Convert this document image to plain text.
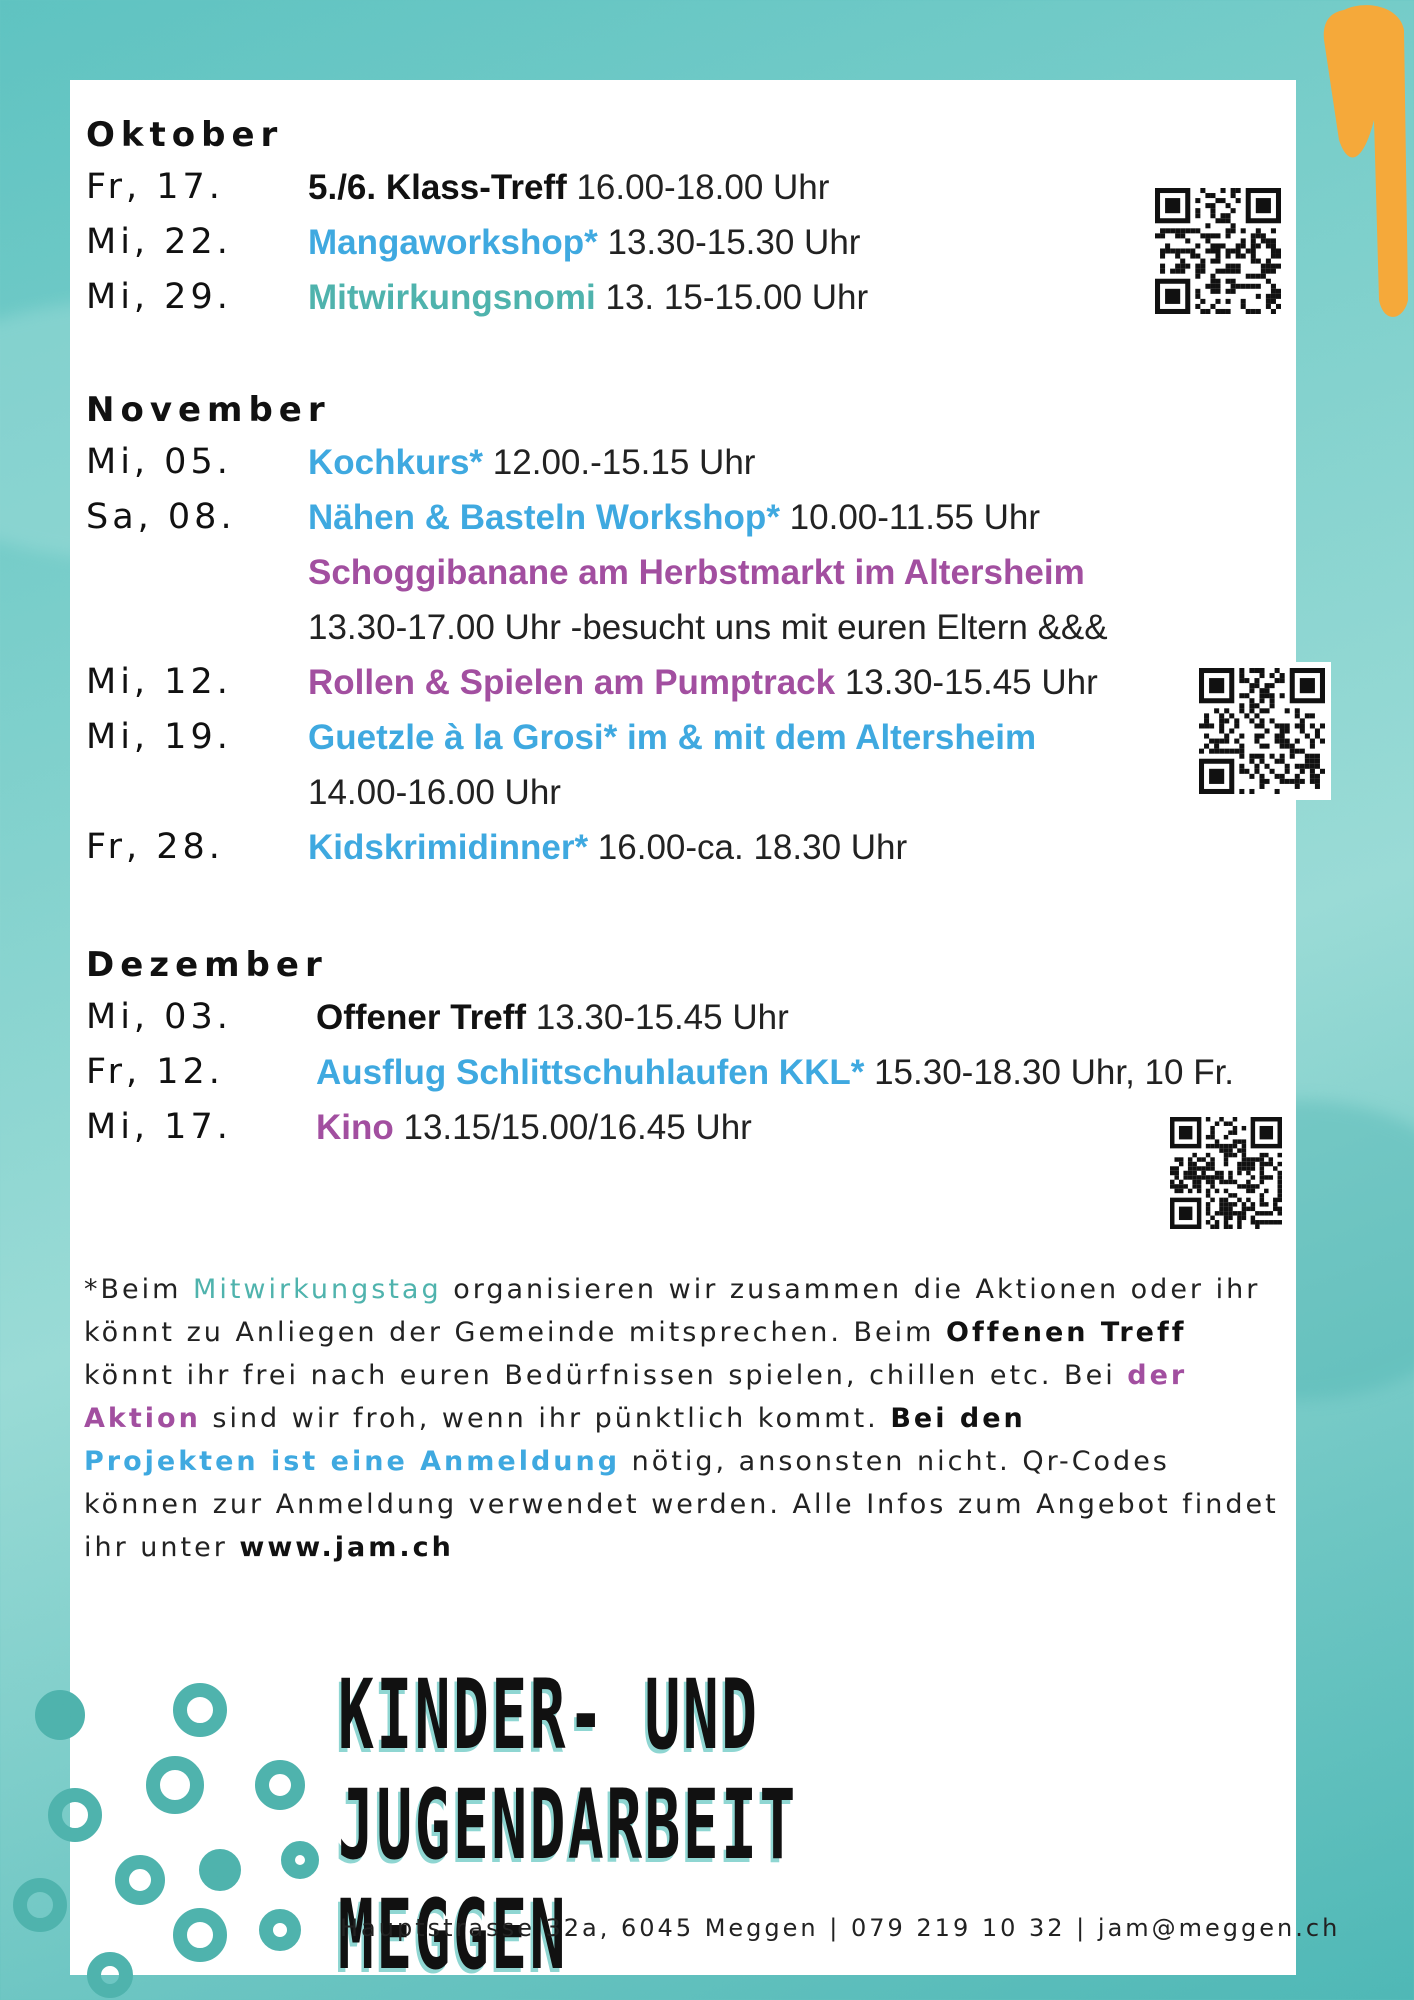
Oktober
Fr, 17.	5./6. Klass-Treff 16.00-18.00 Uhr
Mi, 22.	Mangaworkshop* 13.30-15.30 Uhr
Mi, 29.	Mitwirkungsnomi 13. 15-15.00 Uhr
November
Mi, 05.	Kochkurs* 12.00.-15.15 Uhr
Sa, 08.	Nähen & Basteln Workshop* 10.00-11.55 Uhr
Schoggibanane am Herbstmarkt im Altersheim
13.30-17.00 Uhr -besucht uns mit euren Eltern &&&
Mi, 12.	Rollen & Spielen am Pumptrack 13.30-15.45 Uhr
Mi, 19.	Guetzle à la Grosi* im & mit dem Altersheim
14.00-16.00 Uhr
Fr, 28.	Kidskrimidinner* 16.00-ca. 18.30 Uhr
Dezember
Mi, 03.	Offener Treff 13.30-15.45 Uhr
Fr, 12.	Ausflug Schlittschuhlaufen KKL* 15.30-18.30 Uhr, 10 Fr.
Mi, 17.	Kino 13.15/15.00/16.45 Uhr
*Beim Mitwirkungstag organisieren wir zusammen die Aktionen oder ihr könnt zu Anliegen der Gemeinde mitsprechen. Beim Offenen Treff könnt ihr frei nach euren Bedürfnissen spielen, chillen etc. Bei der Aktion sind wir froh, wenn ihr pünktlich kommt. Bei den
Projekten ist eine Anmeldung nötig, ansonsten nicht. Qr-Codes können zur Anmeldung verwendet werden. Alle Infos zum Angebot findet ihr unter www.jam.ch
KINDER- UND
JUGENDARBEIT MEGGEN
Hauptstrasse 32a, 6045 Meggen | 079 219 10 32 | jam@meggen.ch
